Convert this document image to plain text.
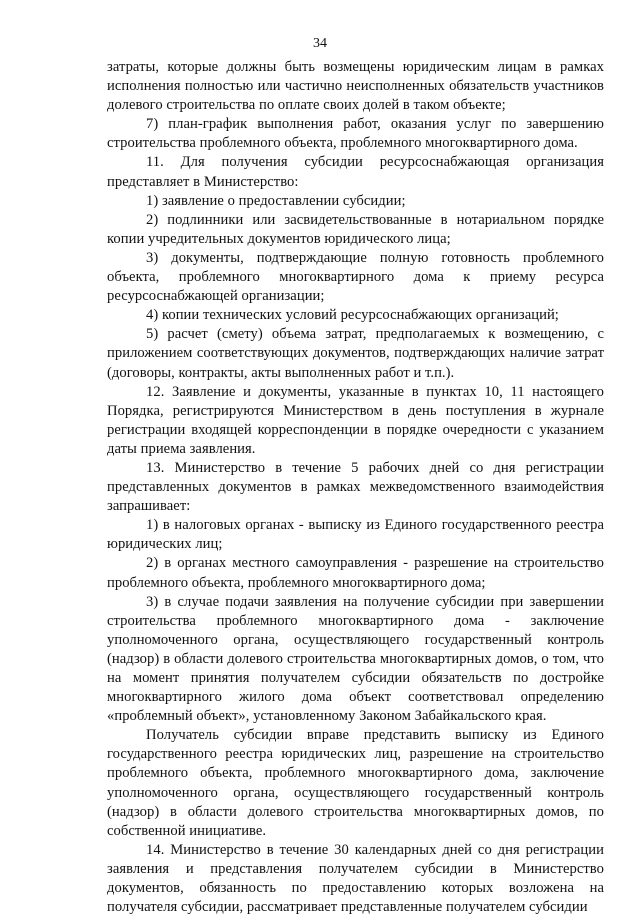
34

затраты, которые должны быть возмещены юридическим лицам в рамках исполнения полностью или частично неисполненных обязательств участников долевого строительства по оплате своих долей в таком объекте;

7) план-график выполнения работ, оказания услуг по завершению строительства проблемного объекта, проблемного многоквартирного дома.

11. Для получения субсидии ресурсоснабжающая организация представляет в Министерство:

1) заявление о предоставлении субсидии;

2) подлинники или засвидетельствованные в нотариальном порядке копии учредительных документов юридического лица;

3) документы, подтверждающие полную готовность проблемного объекта, проблемного многоквартирного дома к приему ресурса ресурсоснабжающей организации;

4) копии технических условий ресурсоснабжающих организаций;

5) расчет (смету) объема затрат, предполагаемых к возмещению, с приложением соответствующих документов, подтверждающих наличие затрат (договоры, контракты, акты выполненных работ и т.п.).

12. Заявление и документы, указанные в пунктах 10, 11 настоящего Порядка, регистрируются Министерством в день поступления в журнале регистрации входящей корреспонденции в порядке очередности с указанием даты приема заявления.

13. Министерство в течение 5 рабочих дней со дня регистрации представленных документов в рамках межведомственного взаимодействия запрашивает:

1) в налоговых органах - выписку из Единого государственного реестра юридических лиц;

2) в органах местного самоуправления - разрешение на строительство проблемного объекта, проблемного многоквартирного дома;

3) в случае подачи заявления на получение субсидии при завершении строительства проблемного многоквартирного дома - заключение уполномоченного органа, осуществляющего государственный контроль (надзор) в области долевого строительства многоквартирных домов, о том, что на момент принятия получателем субсидии обязательств по достройке многоквартирного жилого дома объект соответствовал определению «проблемный объект», установленному Законом Забайкальского края.

Получатель субсидии вправе представить выписку из Единого государственного реестра юридических лиц, разрешение на строительство проблемного объекта, проблемного многоквартирного дома, заключение уполномоченного органа, осуществляющего государственный контроль (надзор) в области долевого строительства многоквартирных домов, по собственной инициативе.

14. Министерство в течение 30 календарных дней со дня регистрации заявления и представления получателем субсидии в Министерство документов, обязанность по предоставлению которых возложена на получателя субсидии, рассматривает представленные получателем субсидии
